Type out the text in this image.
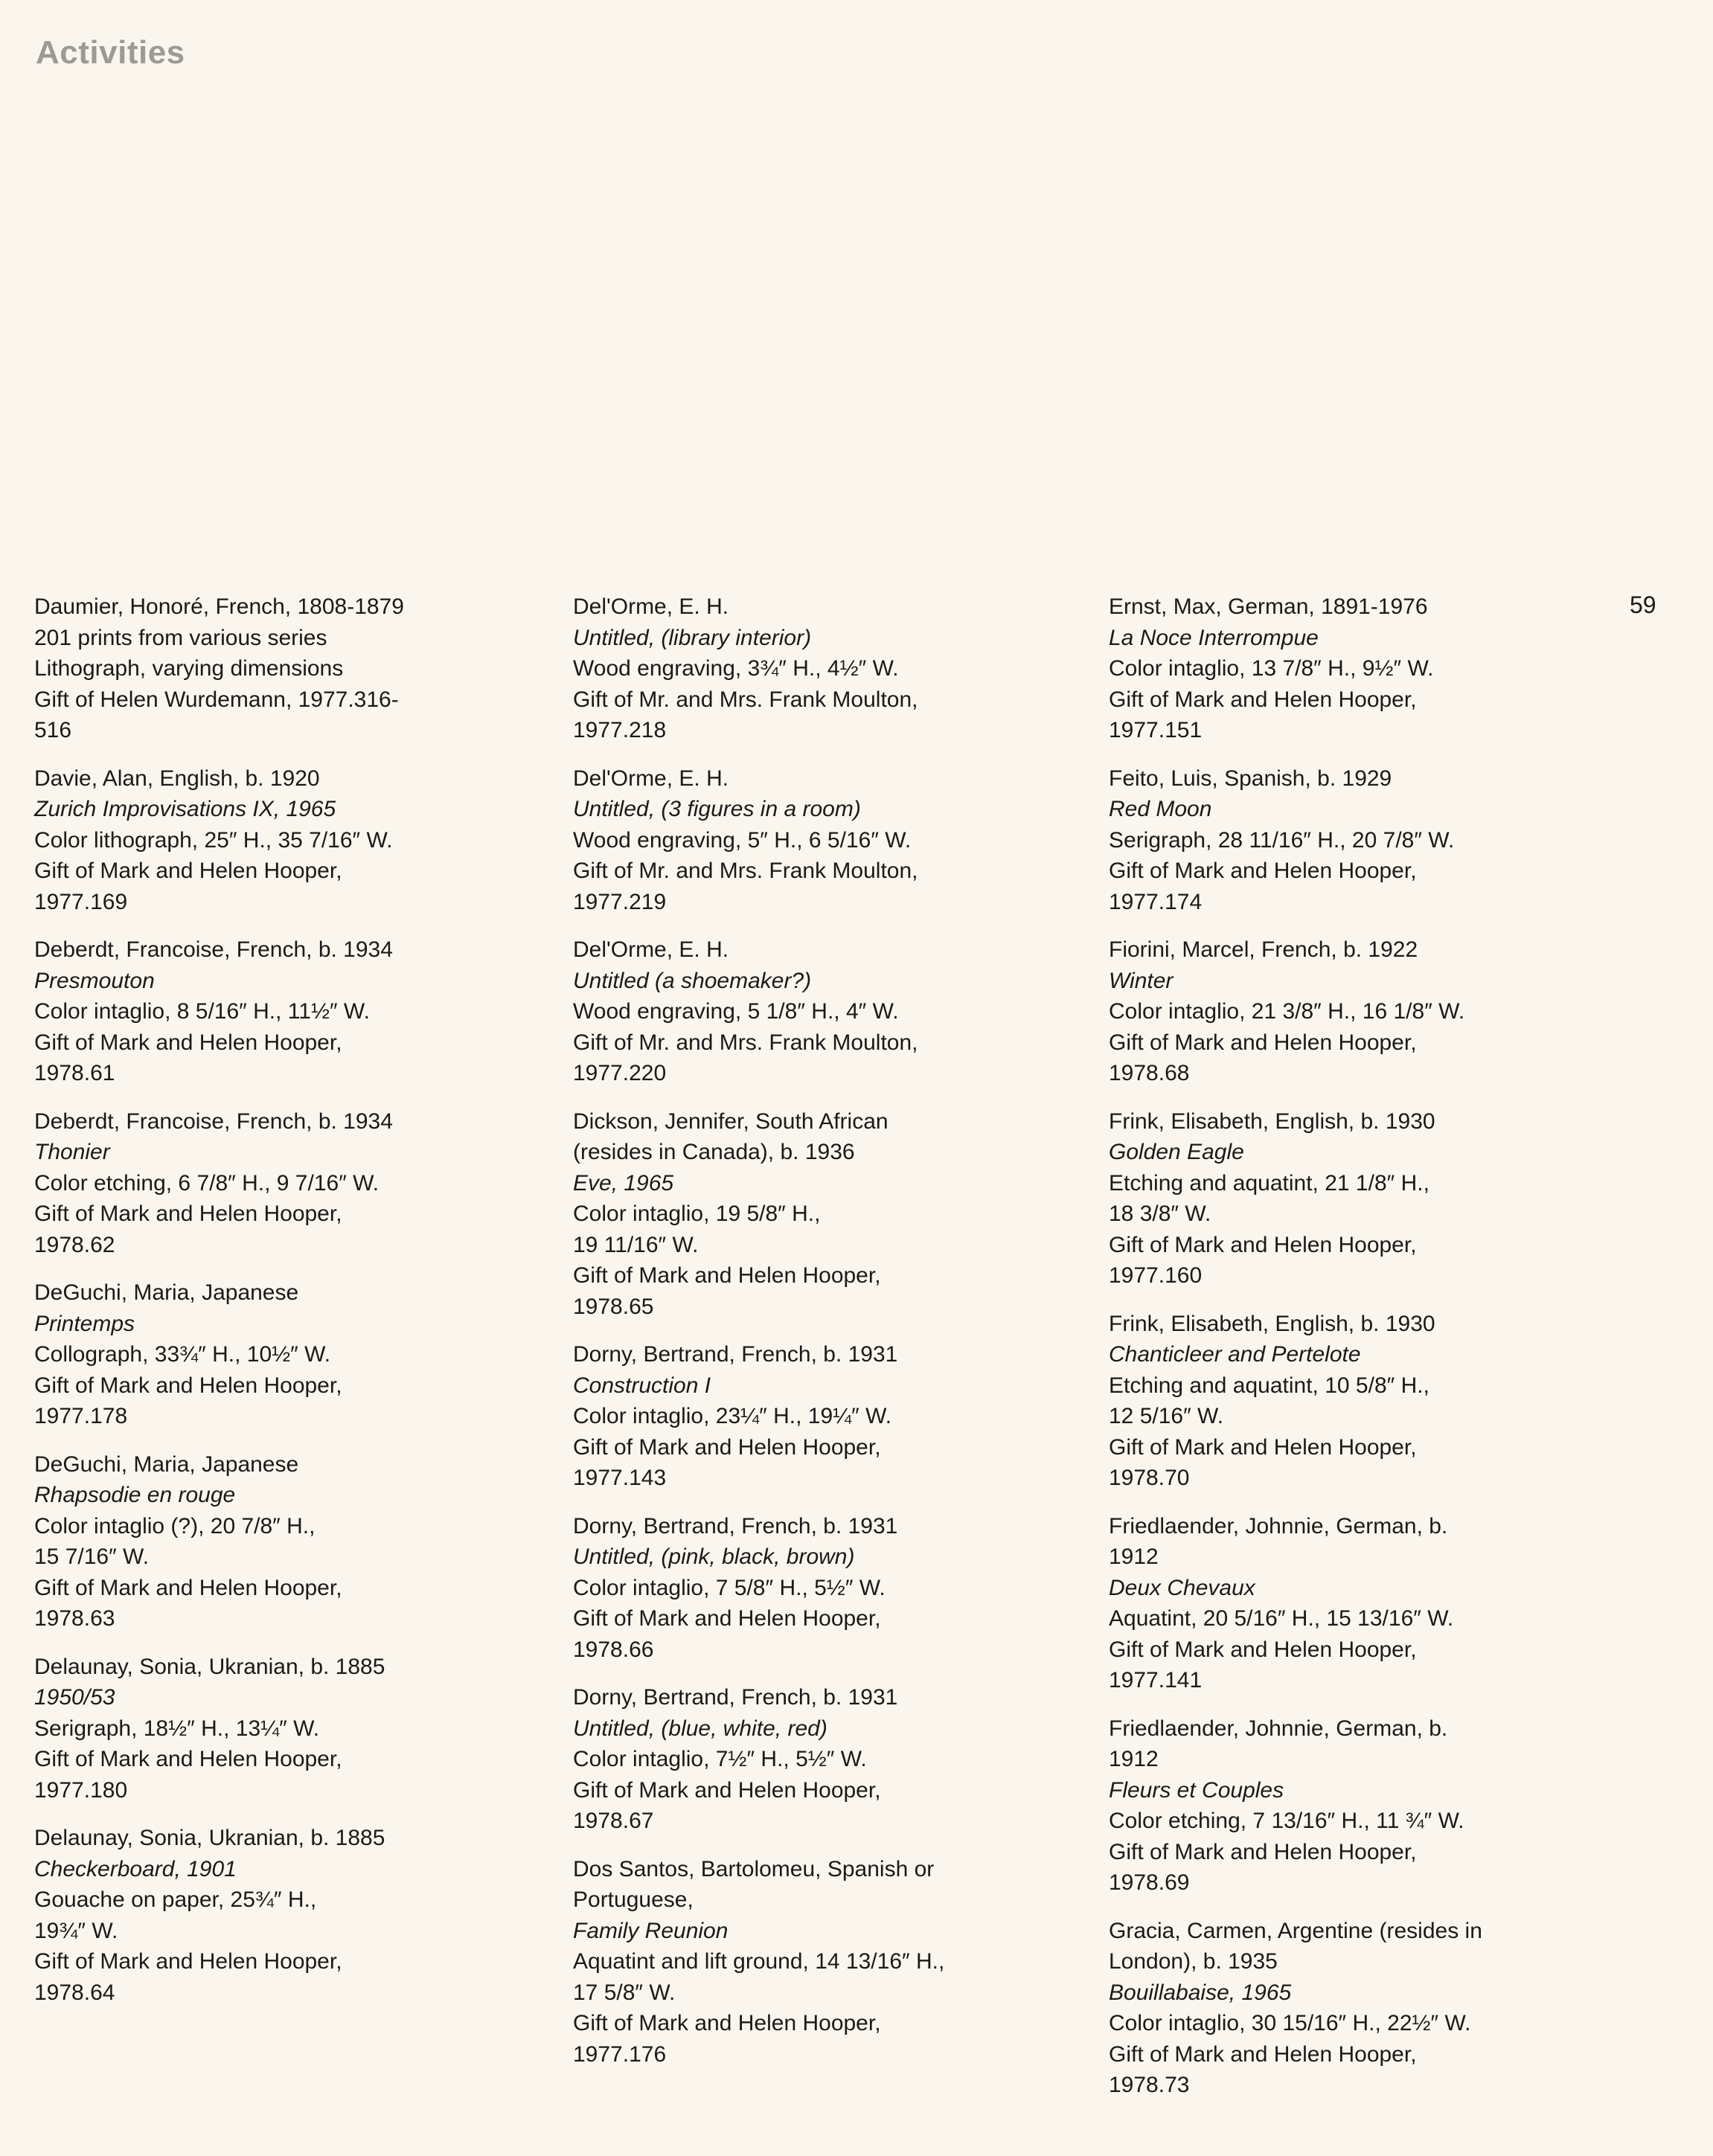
Activities
59
Daumier, Honoré, French, 1808-1879
201 prints from various series
Lithograph, varying dimensions
Gift of Helen Wurdemann, 1977.316-
516
Davie, Alan, English, b. 1920
Zurich Improvisations IX, 1965
Color lithograph, 25″ H., 35 7/16″ W.
Gift of Mark and Helen Hooper,
1977.169
Deberdt, Francoise, French, b. 1934
Presmouton
Color intaglio, 8 5/16″ H., 11½″ W.
Gift of Mark and Helen Hooper,
1978.61
Deberdt, Francoise, French, b. 1934
Thonier
Color etching, 6 7/8″ H., 9 7/16″ W.
Gift of Mark and Helen Hooper,
1978.62
DeGuchi, Maria, Japanese
Printemps
Collograph, 33¾″ H., 10½″ W.
Gift of Mark and Helen Hooper,
1977.178
DeGuchi, Maria, Japanese
Rhapsodie en rouge
Color intaglio (?), 20 7/8″ H.,
15 7/16″ W.
Gift of Mark and Helen Hooper,
1978.63
Delaunay, Sonia, Ukranian, b. 1885
1950/53
Serigraph, 18½″ H., 13¼″ W.
Gift of Mark and Helen Hooper,
1977.180
Delaunay, Sonia, Ukranian, b. 1885
Checkerboard, 1901
Gouache on paper, 25¾″ H.,
19¾″ W.
Gift of Mark and Helen Hooper,
1978.64
Del'Orme, E. H.
Untitled, (library interior)
Wood engraving, 3¾″ H., 4½″ W.
Gift of Mr. and Mrs. Frank Moulton,
1977.218
Del'Orme, E. H.
Untitled, (3 figures in a room)
Wood engraving, 5″ H., 6 5/16″ W.
Gift of Mr. and Mrs. Frank Moulton,
1977.219
Del'Orme, E. H.
Untitled (a shoemaker?)
Wood engraving, 5 1/8″ H., 4″ W.
Gift of Mr. and Mrs. Frank Moulton,
1977.220
Dickson, Jennifer, South African
(resides in Canada), b. 1936
Eve, 1965
Color intaglio, 19 5/8″ H.,
19 11/16″ W.
Gift of Mark and Helen Hooper,
1978.65
Dorny, Bertrand, French, b. 1931
Construction I
Color intaglio, 23¼″ H., 19¼″ W.
Gift of Mark and Helen Hooper,
1977.143
Dorny, Bertrand, French, b. 1931
Untitled, (pink, black, brown)
Color intaglio, 7 5/8″ H., 5½″ W.
Gift of Mark and Helen Hooper,
1978.66
Dorny, Bertrand, French, b. 1931
Untitled, (blue, white, red)
Color intaglio, 7½″ H., 5½″ W.
Gift of Mark and Helen Hooper,
1978.67
Dos Santos, Bartolomeu, Spanish or
Portuguese,
Family Reunion
Aquatint and lift ground, 14 13/16″ H.,
17 5/8″ W.
Gift of Mark and Helen Hooper,
1977.176
Ernst, Max, German, 1891-1976
La Noce Interrompue
Color intaglio, 13 7/8″ H., 9½″ W.
Gift of Mark and Helen Hooper,
1977.151
Feito, Luis, Spanish, b. 1929
Red Moon
Serigraph, 28 11/16″ H., 20 7/8″ W.
Gift of Mark and Helen Hooper,
1977.174
Fiorini, Marcel, French, b. 1922
Winter
Color intaglio, 21 3/8″ H., 16 1/8″ W.
Gift of Mark and Helen Hooper,
1978.68
Frink, Elisabeth, English, b. 1930
Golden Eagle
Etching and aquatint, 21 1/8″ H.,
18 3/8″ W.
Gift of Mark and Helen Hooper,
1977.160
Frink, Elisabeth, English, b. 1930
Chanticleer and Pertelote
Etching and aquatint, 10 5/8″ H.,
12 5/16″ W.
Gift of Mark and Helen Hooper,
1978.70
Friedlaender, Johnnie, German, b.
1912
Deux Chevaux
Aquatint, 20 5/16″ H., 15 13/16″ W.
Gift of Mark and Helen Hooper,
1977.141
Friedlaender, Johnnie, German, b.
1912
Fleurs et Couples
Color etching, 7 13/16″ H., 11 ¾″ W.
Gift of Mark and Helen Hooper,
1978.69
Gracia, Carmen, Argentine (resides in
London), b. 1935
Bouillabaise, 1965
Color intaglio, 30 15/16″ H., 22½″ W.
Gift of Mark and Helen Hooper,
1978.73
